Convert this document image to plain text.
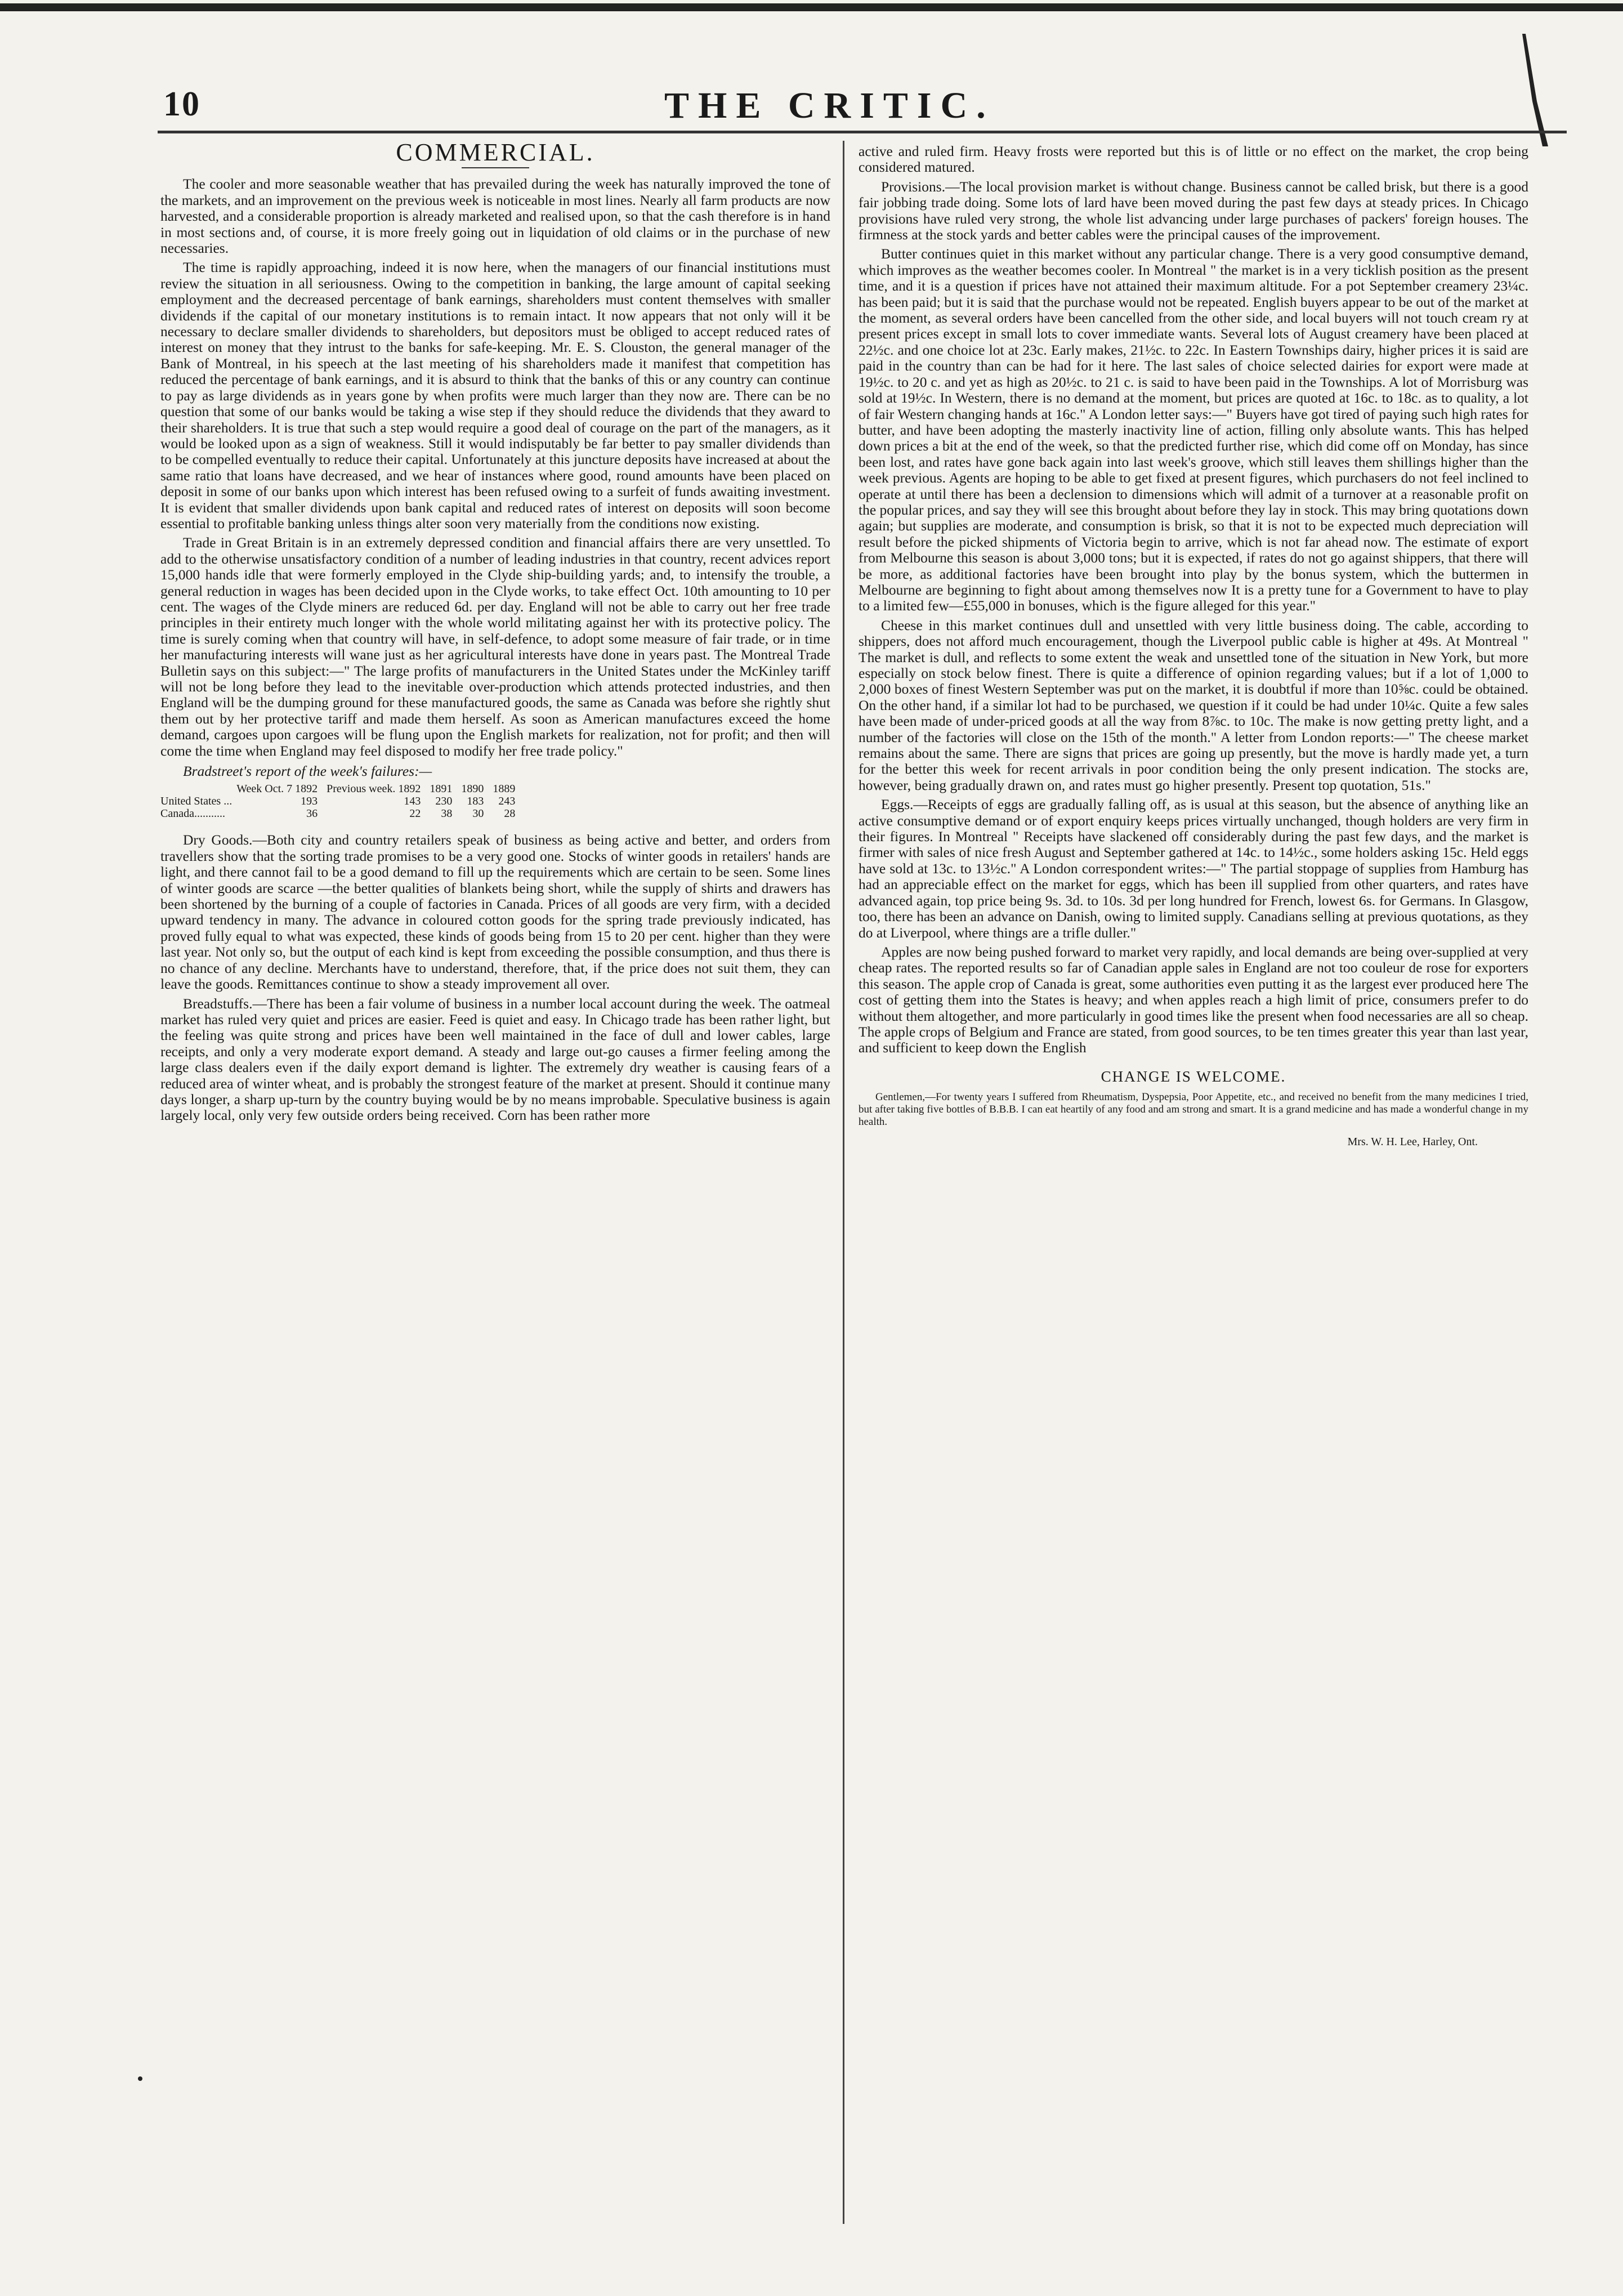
10	THE CRITIC.
COMMERCIAL.

The cooler and more seasonable weather that has prevailed during the week has naturally improved the tone of the markets, and an improvement on the previous week is noticeable in most lines. Nearly all farm products are now harvested, and a considerable proportion is already marketed and realised upon, so that the cash therefore is in hand in most sections and, of course, it is more freely going out in liquidation of old claims or in the purchase of new necessaries.

The time is rapidly approaching, indeed it is now here, when the managers of our financial institutions must review the situation in all seriousness. Owing to the competition in banking, the large amount of capital seeking employment and the decreased percentage of bank earnings, shareholders must content themselves with smaller dividends if the capital of our monetary institutions is to remain intact. It now appears that not only will it be necessary to declare smaller dividends to shareholders, but depositors must be obliged to accept reduced rates of interest on money that they intrust to the banks for safe-keeping. Mr. E. S. Clouston, the general manager of the Bank of Montreal, in his speech at the last meeting of his shareholders made it manifest that competition has reduced the percentage of bank earnings, and it is absurd to think that the banks of this or any country can continue to pay as large dividends as in years gone by when profits were much larger than they now are. There can be no question that some of our banks would be taking a wise step if they should reduce the dividends that they award to their shareholders. It is true that such a step would require a good deal of courage on the part of the managers, as it would be looked upon as a sign of weakness. Still it would indisputably be far better to pay smaller dividends than to be compelled eventually to reduce their capital. Unfortunately at this juncture deposits have increased at about the same ratio that loans have decreased, and we hear of instances where good, round amounts have been placed on deposit in some of our banks upon which interest has been refused owing to a surfeit of funds awaiting investment. It is evident that smaller dividends upon bank capital and reduced rates of interest on deposits will soon become essential to profitable banking unless things alter soon very materially from the conditions now existing.

Trade in Great Britain is in an extremely depressed condition and financial affairs there are very unsettled. To add to the otherwise unsatisfactory condition of a number of leading industries in that country, recent advices report 15,000 hands idle that were formerly employed in the Clyde ship-building yards; and, to intensify the trouble, a general reduction in wages has been decided upon in the Clyde works, to take effect Oct. 10th amounting to 10 per cent. The wages of the Clyde miners are reduced 6d. per day. England will not be able to carry out her free trade principles in their entirety much longer with the whole world militating against her with its protective policy. The time is surely coming when that country will have, in self-defence, to adopt some measure of fair trade, or in time her manufacturing interests will wane just as her agricultural interests have done in years past. The Montreal Trade Bulletin says on this subject:—" The large profits of manufacturers in the United States under the McKinley tariff will not be long before they lead to the inevitable over-production which attends protected industries, and then England will be the dumping ground for these manufactured goods, the same as Canada was before she rightly shut them out by her protective tariff and made them herself. As soon as American manufactures exceed the home demand, cargoes upon cargoes will be flung upon the English markets for realization, not for profit; and then will come the time when England may feel disposed to modify her free trade policy."

Bradstreet's report of the week's failures:—
	Week Oct. 7 1892	Previous week. 1892	1891	1890	1889
United States ...	193	143	230	183	243
Canada...........	36	22	38	30	28

Dry Goods.—Both city and country retailers speak of business as being active and better, and orders from travellers show that the sorting trade promises to be a very good one. Stocks of winter goods in retailers' hands are light, and there cannot fail to be a good demand to fill up the requirements which are certain to be seen. Some lines of winter goods are scarce —the better qualities of blankets being short, while the supply of shirts and drawers has been shortened by the burning of a couple of factories in Canada. Prices of all goods are very firm, with a decided upward tendency in many. The advance in coloured cotton goods for the spring trade previously indicated, has proved fully equal to what was expected, these kinds of goods being from 15 to 20 per cent. higher than they were last year. Not only so, but the output of each kind is kept from exceeding the possible consumption, and thus there is no chance of any decline. Merchants have to understand, therefore, that, if the price does not suit them, they can leave the goods. Remittances continue to show a steady improvement all over.

Breadstuffs.—There has been a fair volume of business in a number local account during the week. The oatmeal market has ruled very quiet and prices are easier. Feed is quiet and easy. In Chicago trade has been rather light, but the feeling was quite strong and prices have been well maintained in the face of dull and lower cables, large receipts, and only a very moderate export demand. A steady and large out-go causes a firmer feeling among the large class dealers even if the daily export demand is lighter. The extremely dry weather is causing fears of a reduced area of winter wheat, and is probably the strongest feature of the market at present. Should it continue many days longer, a sharp up-turn by the country buying would be by no means improbable. Speculative business is again largely local, only very few outside orders being received. Corn has been rather more

active and ruled firm. Heavy frosts were reported but this is of little or no effect on the market, the crop being considered matured.

Provisions.—The local provision market is without change. Business cannot be called brisk, but there is a good fair jobbing trade doing. Some lots of lard have been moved during the past few days at steady prices. In Chicago provisions have ruled very strong, the whole list advancing under large purchases of packers' foreign houses. The firmness at the stock yards and better cables were the principal causes of the improvement.

Butter continues quiet in this market without any particular change. There is a very good consumptive demand, which improves as the weather becomes cooler. In Montreal " the market is in a very ticklish position as the present time, and it is a question if prices have not attained their maximum altitude. For a pot September creamery 23¼c. has been paid; but it is said that the purchase would not be repeated. English buyers appear to be out of the market at the moment, as several orders have been cancelled from the other side, and local buyers will not touch cream ry at present prices except in small lots to cover immediate wants. Several lots of August creamery have been placed at 22½c. and one choice lot at 23c. Early makes, 21½c. to 22c. In Eastern Townships dairy, higher prices it is said are paid in the country than can be had for it here. The last sales of choice selected dairies for export were made at 19½c. to 20 c. and yet as high as 20½c. to 21 c. is said to have been paid in the Townships. A lot of Morrisburg was sold at 19½c. In Western, there is no demand at the moment, but prices are quoted at 16c. to 18c. as to quality, a lot of fair Western changing hands at 16c." A London letter says:—" Buyers have got tired of paying such high rates for butter, and have been adopting the masterly inactivity line of action, filling only absolute wants. This has helped down prices a bit at the end of the week, so that the predicted further rise, which did come off on Monday, has since been lost, and rates have gone back again into last week's groove, which still leaves them shillings higher than the week previous. Agents are hoping to be able to get fixed at present figures, which purchasers do not feel inclined to operate at until there has been a declension to dimensions which will admit of a turnover at a reasonable profit on the popular prices, and say they will see this brought about before they lay in stock. This may bring quotations down again; but supplies are moderate, and consumption is brisk, so that it is not to be expected much depreciation will result before the picked shipments of Victoria begin to arrive, which is not far ahead now. The estimate of export from Melbourne this season is about 3,000 tons; but it is expected, if rates do not go against shippers, that there will be more, as additional factories have been brought into play by the bonus system, which the buttermen in Melbourne are beginning to fight about among themselves now It is a pretty tune for a Government to have to play to a limited few—£55,000 in bonuses, which is the figure alleged for this year."

Cheese in this market continues dull and unsettled with very little business doing. The cable, according to shippers, does not afford much encouragement, though the Liverpool public cable is higher at 49s. At Montreal " The market is dull, and reflects to some extent the weak and unsettled tone of the situation in New York, but more especially on stock below finest. There is quite a difference of opinion regarding values; but if a lot of 1,000 to 2,000 boxes of finest Western September was put on the market, it is doubtful if more than 10⅝c. could be obtained. On the other hand, if a similar lot had to be purchased, we question if it could be had under 10¼c. Quite a few sales have been made of under-priced goods at all the way from 8⅞c. to 10c. The make is now getting pretty light, and a number of the factories will close on the 15th of the month." A letter from London reports:—" The cheese market remains about the same. There are signs that prices are going up presently, but the move is hardly made yet, a turn for the better this week for recent arrivals in poor condition being the only present indication. The stocks are, however, being gradually drawn on, and rates must go higher presently. Present top quotation, 51s."

Eggs.—Receipts of eggs are gradually falling off, as is usual at this season, but the absence of anything like an active consumptive demand or of export enquiry keeps prices virtually unchanged, though holders are very firm in their figures. In Montreal " Receipts have slackened off considerably during the past few days, and the market is firmer with sales of nice fresh August and September gathered at 14c. to 14½c., some holders asking 15c. Held eggs have sold at 13c. to 13½c." A London correspondent writes:—" The partial stoppage of supplies from Hamburg has had an appreciable effect on the market for eggs, which has been ill supplied from other quarters, and rates have advanced again, top price being 9s. 3d. to 10s. 3d per long hundred for French, lowest 6s. for Germans. In Glasgow, too, there has been an advance on Danish, owing to limited supply. Canadians selling at previous quotations, as they do at Liverpool, where things are a trifle duller."

Apples are now being pushed forward to market very rapidly, and local demands are being over-supplied at very cheap rates. The reported results so far of Canadian apple sales in England are not too couleur de rose for exporters this season. The apple crop of Canada is great, some authorities even putting it as the largest ever produced here The cost of getting them into the States is heavy; and when apples reach a high limit of price, consumers prefer to do without them altogether, and more particularly in good times like the present when food necessaries are all so cheap. The apple crops of Belgium and France are stated, from good sources, to be ten times greater this year than last year, and sufficient to keep down the English

CHANGE IS WELCOME.

Gentlemen,—For twenty years I suffered from Rheumatism, Dyspepsia, Poor Appetite, etc., and received no benefit from the many medicines I tried, but after taking five bottles of B.B.B. I can eat heartily of any food and am strong and smart. It is a grand medicine and has made a wonderful change in my health.

Mrs. W. H. Lee, Harley, Ont.
